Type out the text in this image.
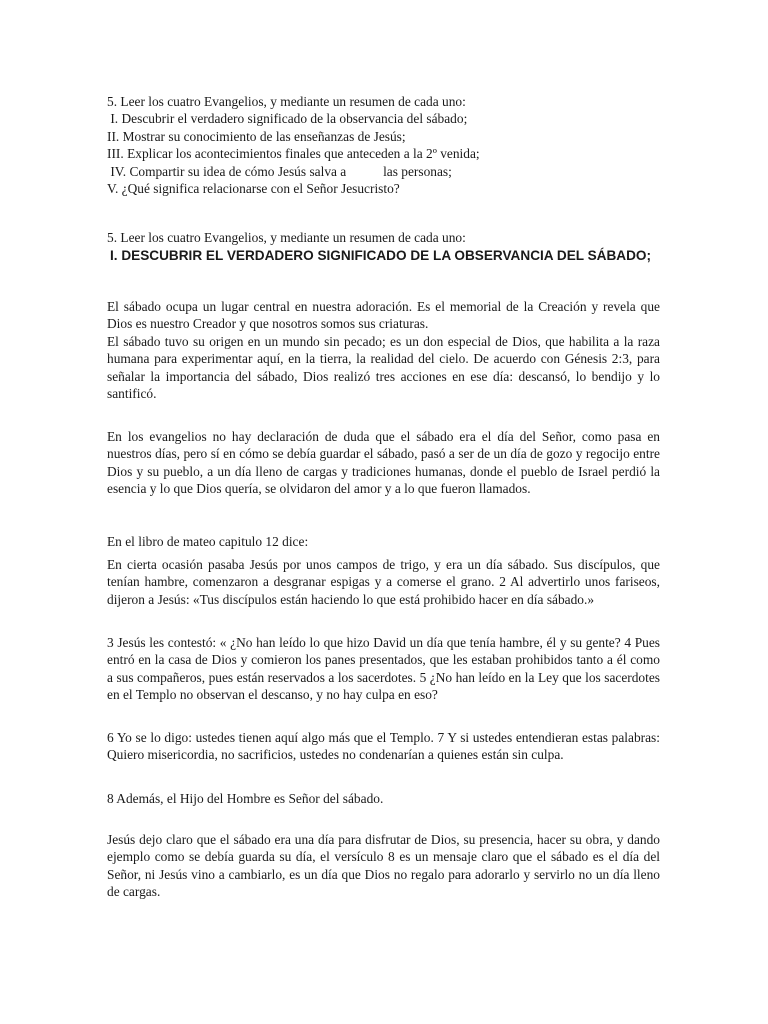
5. Leer los cuatro Evangelios, y mediante un resumen de cada uno:
I. Descubrir el verdadero significado de la observancia del sábado;
II. Mostrar su conocimiento de las enseñanzas de Jesús;
III. Explicar los acontecimientos finales que anteceden a la 2º venida;
IV. Compartir su idea de cómo Jesús salva a           las personas;
V. ¿Qué significa relacionarse con el Señor Jesucristo?
5. Leer los cuatro Evangelios, y mediante un resumen de cada uno:

I. DESCUBRIR EL VERDADERO SIGNIFICADO DE LA OBSERVANCIA DEL SÁBADO;

El sábado ocupa un lugar central en nuestra adoración. Es el memorial de la Creación y revela que Dios es nuestro Creador y que nosotros somos sus criaturas.

El sábado tuvo su origen en un mundo sin pecado; es un don especial de Dios, que habilita a la raza humana para experimentar aquí, en la tierra, la realidad del cielo. De acuerdo con Génesis 2:3, para señalar la importancia del sábado, Dios realizó tres acciones en ese día: descansó, lo bendijo y lo santificó.

En los evangelios no hay declaración de duda que el sábado era el día del Señor, como pasa en nuestros días, pero sí en cómo se debía guardar el sábado, pasó a ser de un día de gozo y regocijo entre Dios y su pueblo, a un día lleno de cargas y tradiciones humanas, donde el pueblo de Israel perdió la esencia y lo que Dios quería, se olvidaron del amor y a lo que fueron llamados.

En el libro de mateo capitulo 12 dice:

En cierta ocasión pasaba Jesús por unos campos de trigo, y era un día sábado. Sus discípulos, que tenían hambre, comenzaron a desgranar espigas y a comerse el grano. 2 Al advertirlo unos fariseos, dijeron a Jesús: «Tus discípulos están haciendo lo que está prohibido hacer en día sábado.»

3 Jesús les contestó: « ¿No han leído lo que hizo David un día que tenía hambre, él y su gente? 4 Pues entró en la casa de Dios y comieron los panes presentados, que les estaban prohibidos tanto a él como a sus compañeros, pues están reservados a los sacerdotes. 5 ¿No han leído en la Ley que los sacerdotes en el Templo no observan el descanso, y no hay culpa en eso?

6 Yo se lo digo: ustedes tienen aquí algo más que el Templo. 7 Y si ustedes entendieran estas palabras: Quiero misericordia, no sacrificios, ustedes no condenarían a quienes están sin culpa.

8 Además, el Hijo del Hombre es Señor del sábado.

Jesús dejo claro que el sábado era una día para disfrutar de Dios, su presencia, hacer su obra, y dando ejemplo como se debía guarda su día, el versículo 8 es un mensaje claro que el sábado es el día del Señor, ni Jesús vino a cambiarlo, es un día que Dios no regalo para adorarlo y servirlo no un día lleno de cargas.
